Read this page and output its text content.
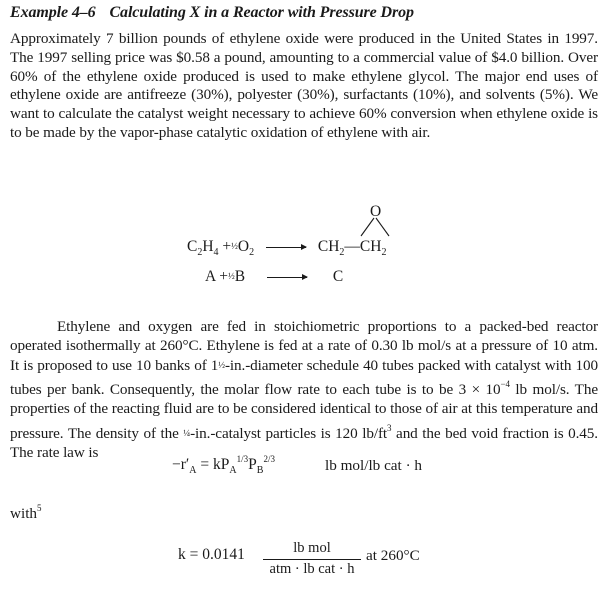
Example 4–6 Calculating X in a Reactor with Pressure Drop
Approximately 7 billion pounds of ethylene oxide were produced in the United States in 1997. The 1997 selling price was $0.58 a pound, amounting to a commercial value of $4.0 billion. Over 60% of the ethylene oxide produced is used to make ethylene glycol. The major end uses of ethylene oxide are antifreeze (30%), polyester (30%), surfactants (10%), and solvents (5%). We want to calculate the catalyst weight necessary to achieve 60% conversion when ethylene oxide is to be made by the vapor-phase catalytic oxidation of ethylene with air.
O
$C_2H_4$ $+\frac{1}{2}O_2$ → $CH_2—CH_2$
A +½B	C
Ethylene and oxygen are fed in stoichiometric proportions to a packed-bed reactor operated isothermally at 260°C. Ethylene is fed at a rate of 0.30 lb mol/s at a pressure of 10 atm. It is proposed to use 10 banks of 1½-in.-diameter schedule 40 tubes packed with catalyst with 100 tubes per bank. Consequently, the molar flow rate to each tube is to be $3 \times 10^{-4}$ lb mol/s. The properties of the reacting fluid are to be considered identical to those of air at this temperature and pressure. The density of the ¼-in.-catalyst particles is 120 $lb/ft^3$ and the bed void fraction is 0.45. The rate law is
$-r'_A = kP_A^{1/3}P_B^{2/3}$	lb mol/lb cat · h
with$^5$
k = 0.0141	lb mol
atm · lb cat · h
at 260°C
